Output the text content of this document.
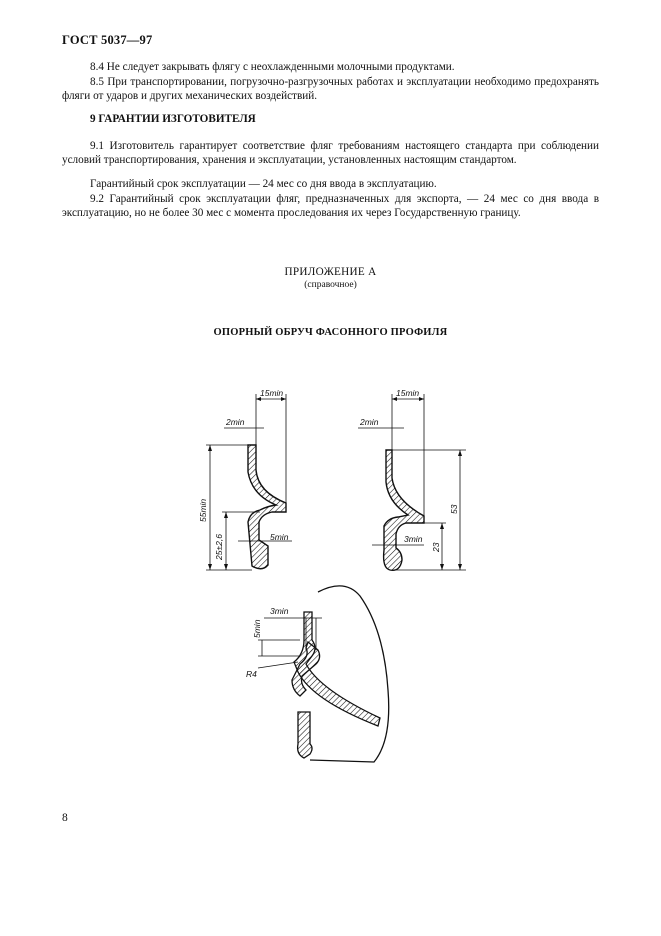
ГОСТ 5037—97
8.4 Не следует закрывать флягу с неохлажденными молочными продуктами.
8.5 При транспортировании, погрузочно-разгрузочных работах и эксплуатации необходимо предохранять фляги от ударов и других механических воздействий.
9 ГАРАНТИИ ИЗГОТОВИТЕЛЯ
9.1 Изготовитель гарантирует соответствие фляг требованиям настоящего стандарта при соблюдении условий транспортирования, хранения и эксплуатации, установленных настоящим стандартом.
Гарантийный срок эксплуатации — 24 мес со дня ввода в эксплуатацию.
9.2 Гарантийный срок эксплуатации фляг, предназначенных для экспорта, — 24 мес со дня ввода в эксплуатацию, но не более 30 мес с момента проследования их через Государственную границу.
ПРИЛОЖЕНИЕ А
(справочное)
ОПОРНЫЙ ОБРУЧ ФАСОННОГО ПРОФИЛЯ
15min
2min
55min
25±2,6	5min
15min
2min
53
23
3min
3min
5min
R4
8
